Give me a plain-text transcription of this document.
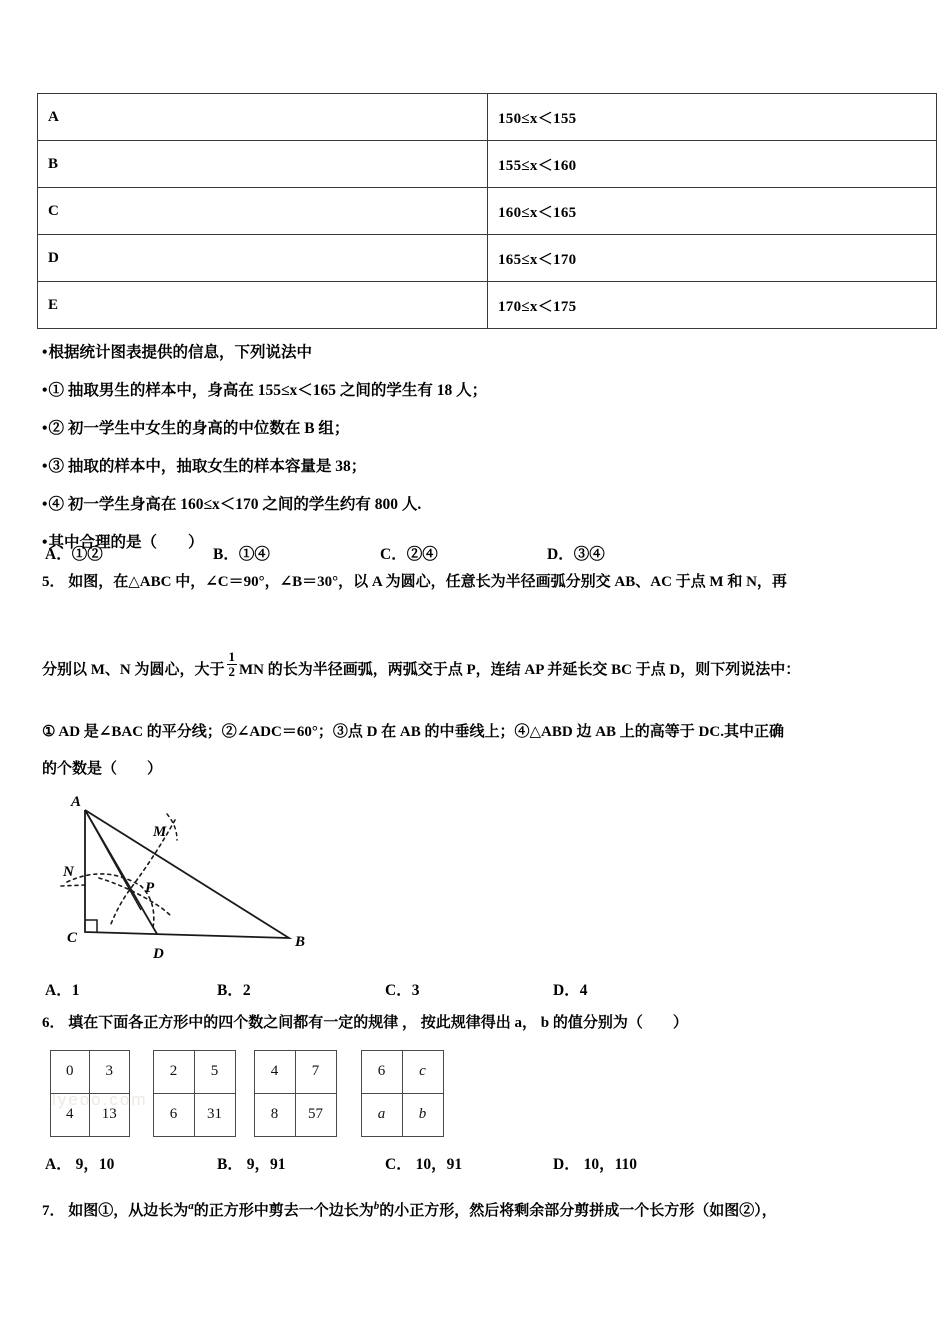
A	150≤x＜155
B	155≤x＜160
C	160≤x＜165
D	165≤x＜170
E	170≤x＜175
•根据统计图表提供的信息，下列说法中
•① 抽取男生的样本中，身高在 155≤x＜165 之间的学生有 18 人；
•② 初一学生中女生的身高的中位数在 B 组；
•③ 抽取的样本中，抽取女生的样本容量是 38；
•④ 初一学生身高在 160≤x＜170 之间的学生约有 800 人.
•其中合理的是（　　）
A．①②	B．①④	C．②④	D．③④
5． 如图，在△ABC 中，∠C＝90°，∠B＝30°，以 A 为圆心，任意长为半径画弧分别交 AB、AC 于点 M 和 N，再
分别以 M、N 为圆心，大于 $\frac{1}{2}$ MN 的长为半径画弧，两弧交于点 P，连结 AP 并延长交 BC 于点 D，则下列说法中：
① AD 是∠BAC 的平分线；②∠ADC＝60°；③点 D 在 AB 的中垂线上；④△ABD 边 AB 上的高等于 DC.其中正确
的个数是（　　）
A
B
C
D
M
N
P
A．1	B．2	C．3	D．4
6． 填在下面各正方形中的四个数之间都有一定的规律 ， 按此规律得出 a， b 的值分别为（　　）
lyeoo.com
0	3
4	13
2	5
6	31
4	7
8	57
6	c
a	b
A． 9，10	B． 9，91	C． 10，91	D． 10，110
7． 如图①，从边长为$^a$的正方形中剪去一个边长为$^b$的小正方形，然后将剩余部分剪拼成一个长方形（如图②），
